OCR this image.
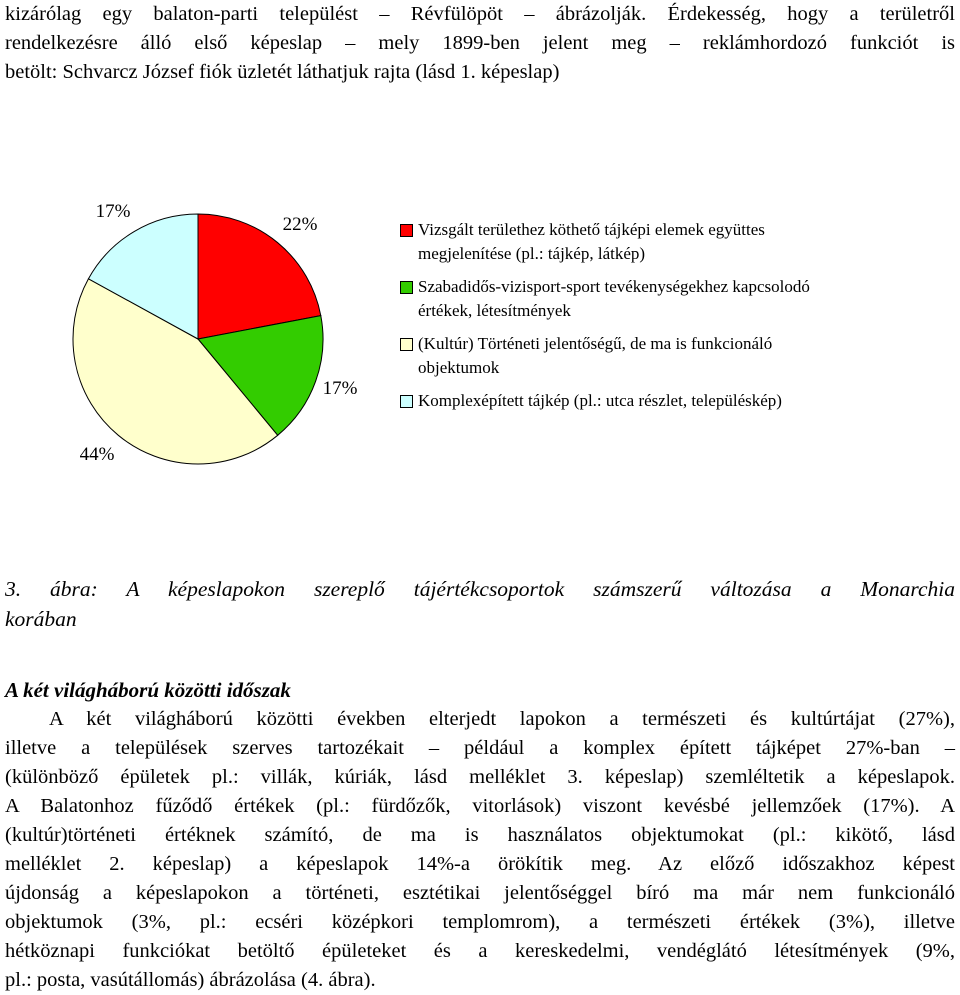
kizárólag egy balaton-parti települést – Révfülöpöt – ábrázolják. Érdekesség, hogy a területről
rendelkezésre álló első képeslap – mely 1899-ben jelent meg – reklámhordozó funkciót is
betölt: Schvarcz József fiók üzletét láthatjuk rajta (lásd 1. képeslap)
22%
17%
44%
17%
Vizsgált területhez köthető tájképi elemek együttes
megjelenítése (pl.: tájkép, látkép)
Szabadidős-vizisport-sport tevékenységekhez kapcsolodó
értékek, létesítmények
(Kultúr) Történeti jelentőségű, de ma is funkcionáló
objektumok
Komplexépített tájkép (pl.: utca részlet, településkép)
3. ábra: A képeslapokon szereplő tájértékcsoportok számszerű változása a Monarchia
korában
A két világháború közötti időszak
A két világháború közötti években elterjedt lapokon a természeti és kultúrtájat (27%),
illetve a települések szerves tartozékait – például a komplex épített tájképet 27%-ban –
(különböző épületek pl.: villák, kúriák, lásd melléklet 3. képeslap) szemléltetik a képeslapok.
A Balatonhoz fűződő értékek (pl.: fürdőzők, vitorlások) viszont kevésbé jellemzőek (17%). A
(kultúr)történeti értéknek számító, de ma is használatos objektumokat (pl.: kikötő, lásd
melléklet 2. képeslap) a képeslapok 14%-a örökítik meg. Az előző időszakhoz képest
újdonság a képeslapokon a történeti, esztétikai jelentőséggel bíró ma már nem funkcionáló
objektumok (3%, pl.: ecséri középkori templomrom), a természeti értékek (3%), illetve
hétköznapi funkciókat betöltő épületeket és a kereskedelmi, vendéglátó létesítmények (9%,
pl.: posta, vasútállomás) ábrázolása (4. ábra).
